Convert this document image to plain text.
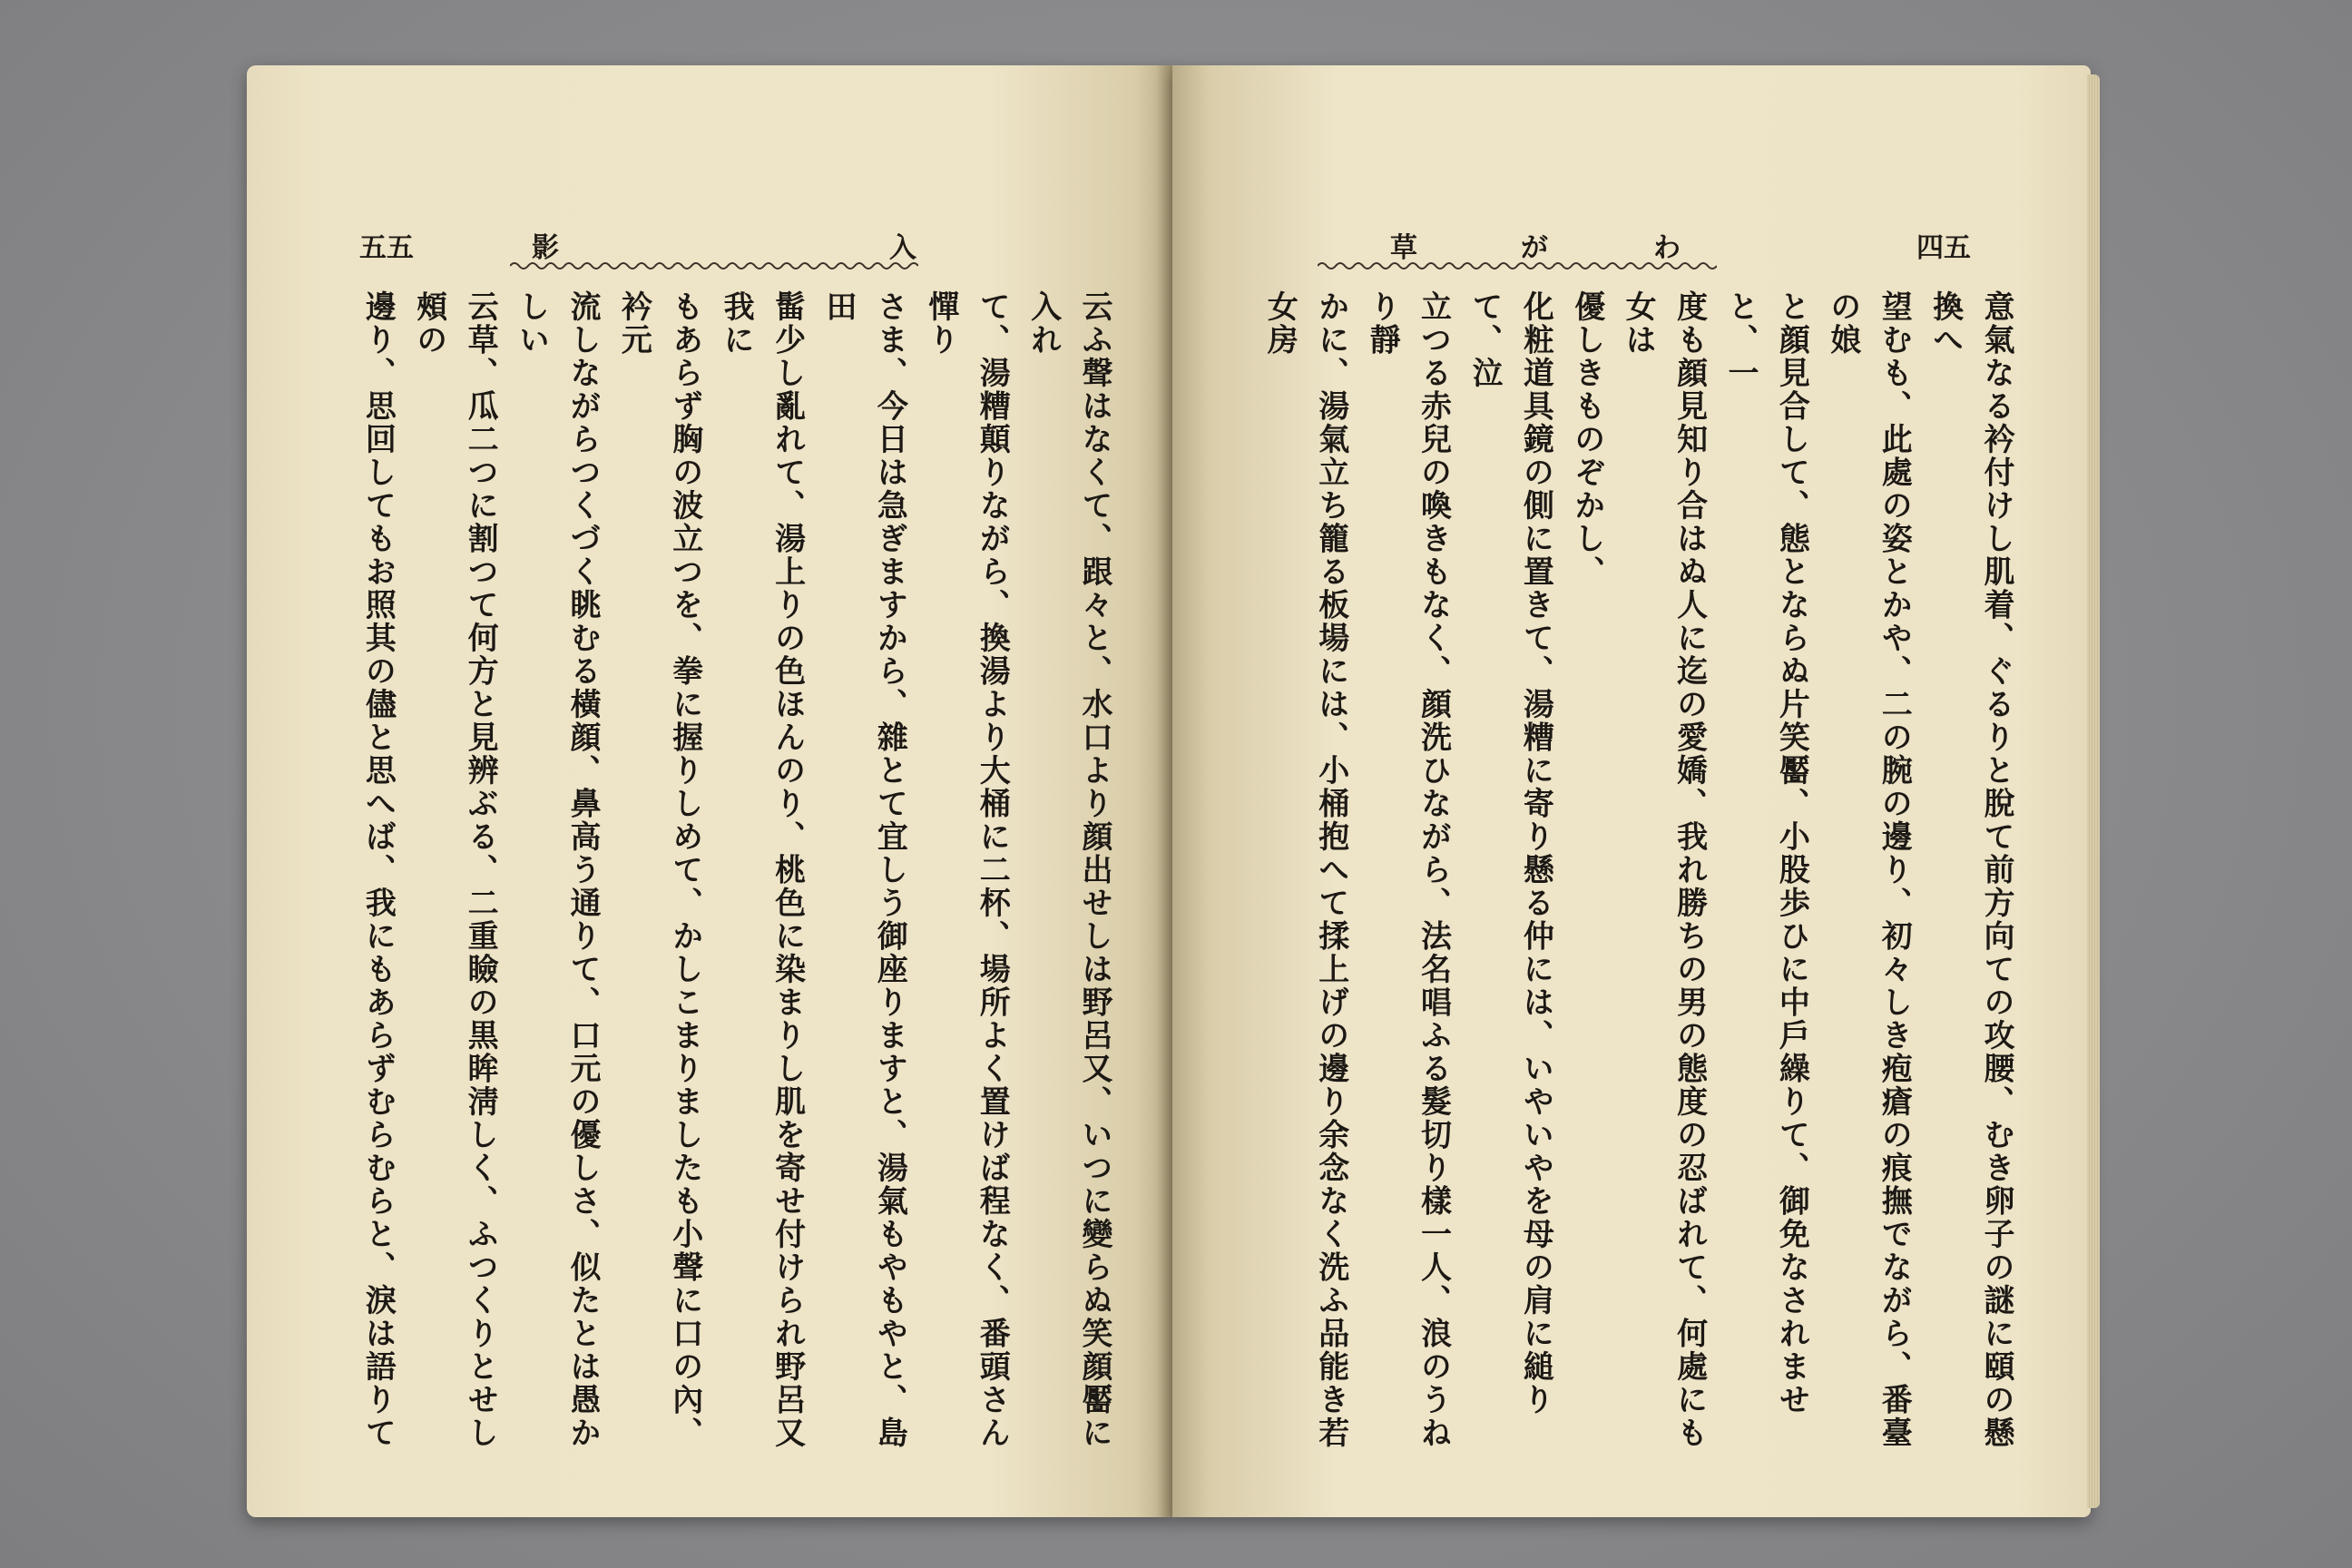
五五	影	入

云ふ聲はなくて、跟々と、水口より顔出せしは野呂又、いつに變らぬ笑顔靨に入れ

て、湯糟顛りながら、換湯より大桶に二杯、場所よく置けば程なく、番頭さん憚り

さま、今日は急ぎますから、雜とて宜しう御座りますと、湯氣もやもやと、島田

髷少し亂れて、湯上りの色ほんのり、桃色に染まりし肌を寄せ付けられ野呂又我に

もあらず胸の波立つを、拳に握りしめて、かしこまりましたも小聲に口の內、衿元

流しながらつくづく眺むる橫顔、鼻高う通りて、口元の優しさ、似たとは愚かしい

云草、瓜二つに割つて何方と見辨ぶる、二重瞼の黒眸淸しく、ふつくりとせし頰の

邊り、思回してもお照其の儘と思へば、我にもあらずむらむらと、淚は語りて

草	が	わ	四五

意氣なる衿付けし肌着、ぐるりと脫て前方向ての攻腰、むき卵子の謎に頤の懸換へ

望むも、此處の姿とかや、二の腕の邊り、初々しき疱瘡の痕撫でながら、番臺の娘

と顔見合して、態とならぬ片笑靨、小股歩ひに中戶繰りて、御免なされませと、一

度も顔見知り合はぬ人に迄の愛嬌、我れ勝ちの男の態度の忍ばれて、何處にも女は

優しきものぞかし、

化粧道具鏡の側に置きて、湯糟に寄り懸る仲には、いやいやを母の肩に縋りて、泣

立つる赤兒の喚きもなく、顔洗ひながら、法名唱ふる髮切り樣一人、浪のうねり靜

かに、湯氣立ち籠る板場には、小桶抱へて揉上げの邊り余念なく洗ふ品能き若女房
